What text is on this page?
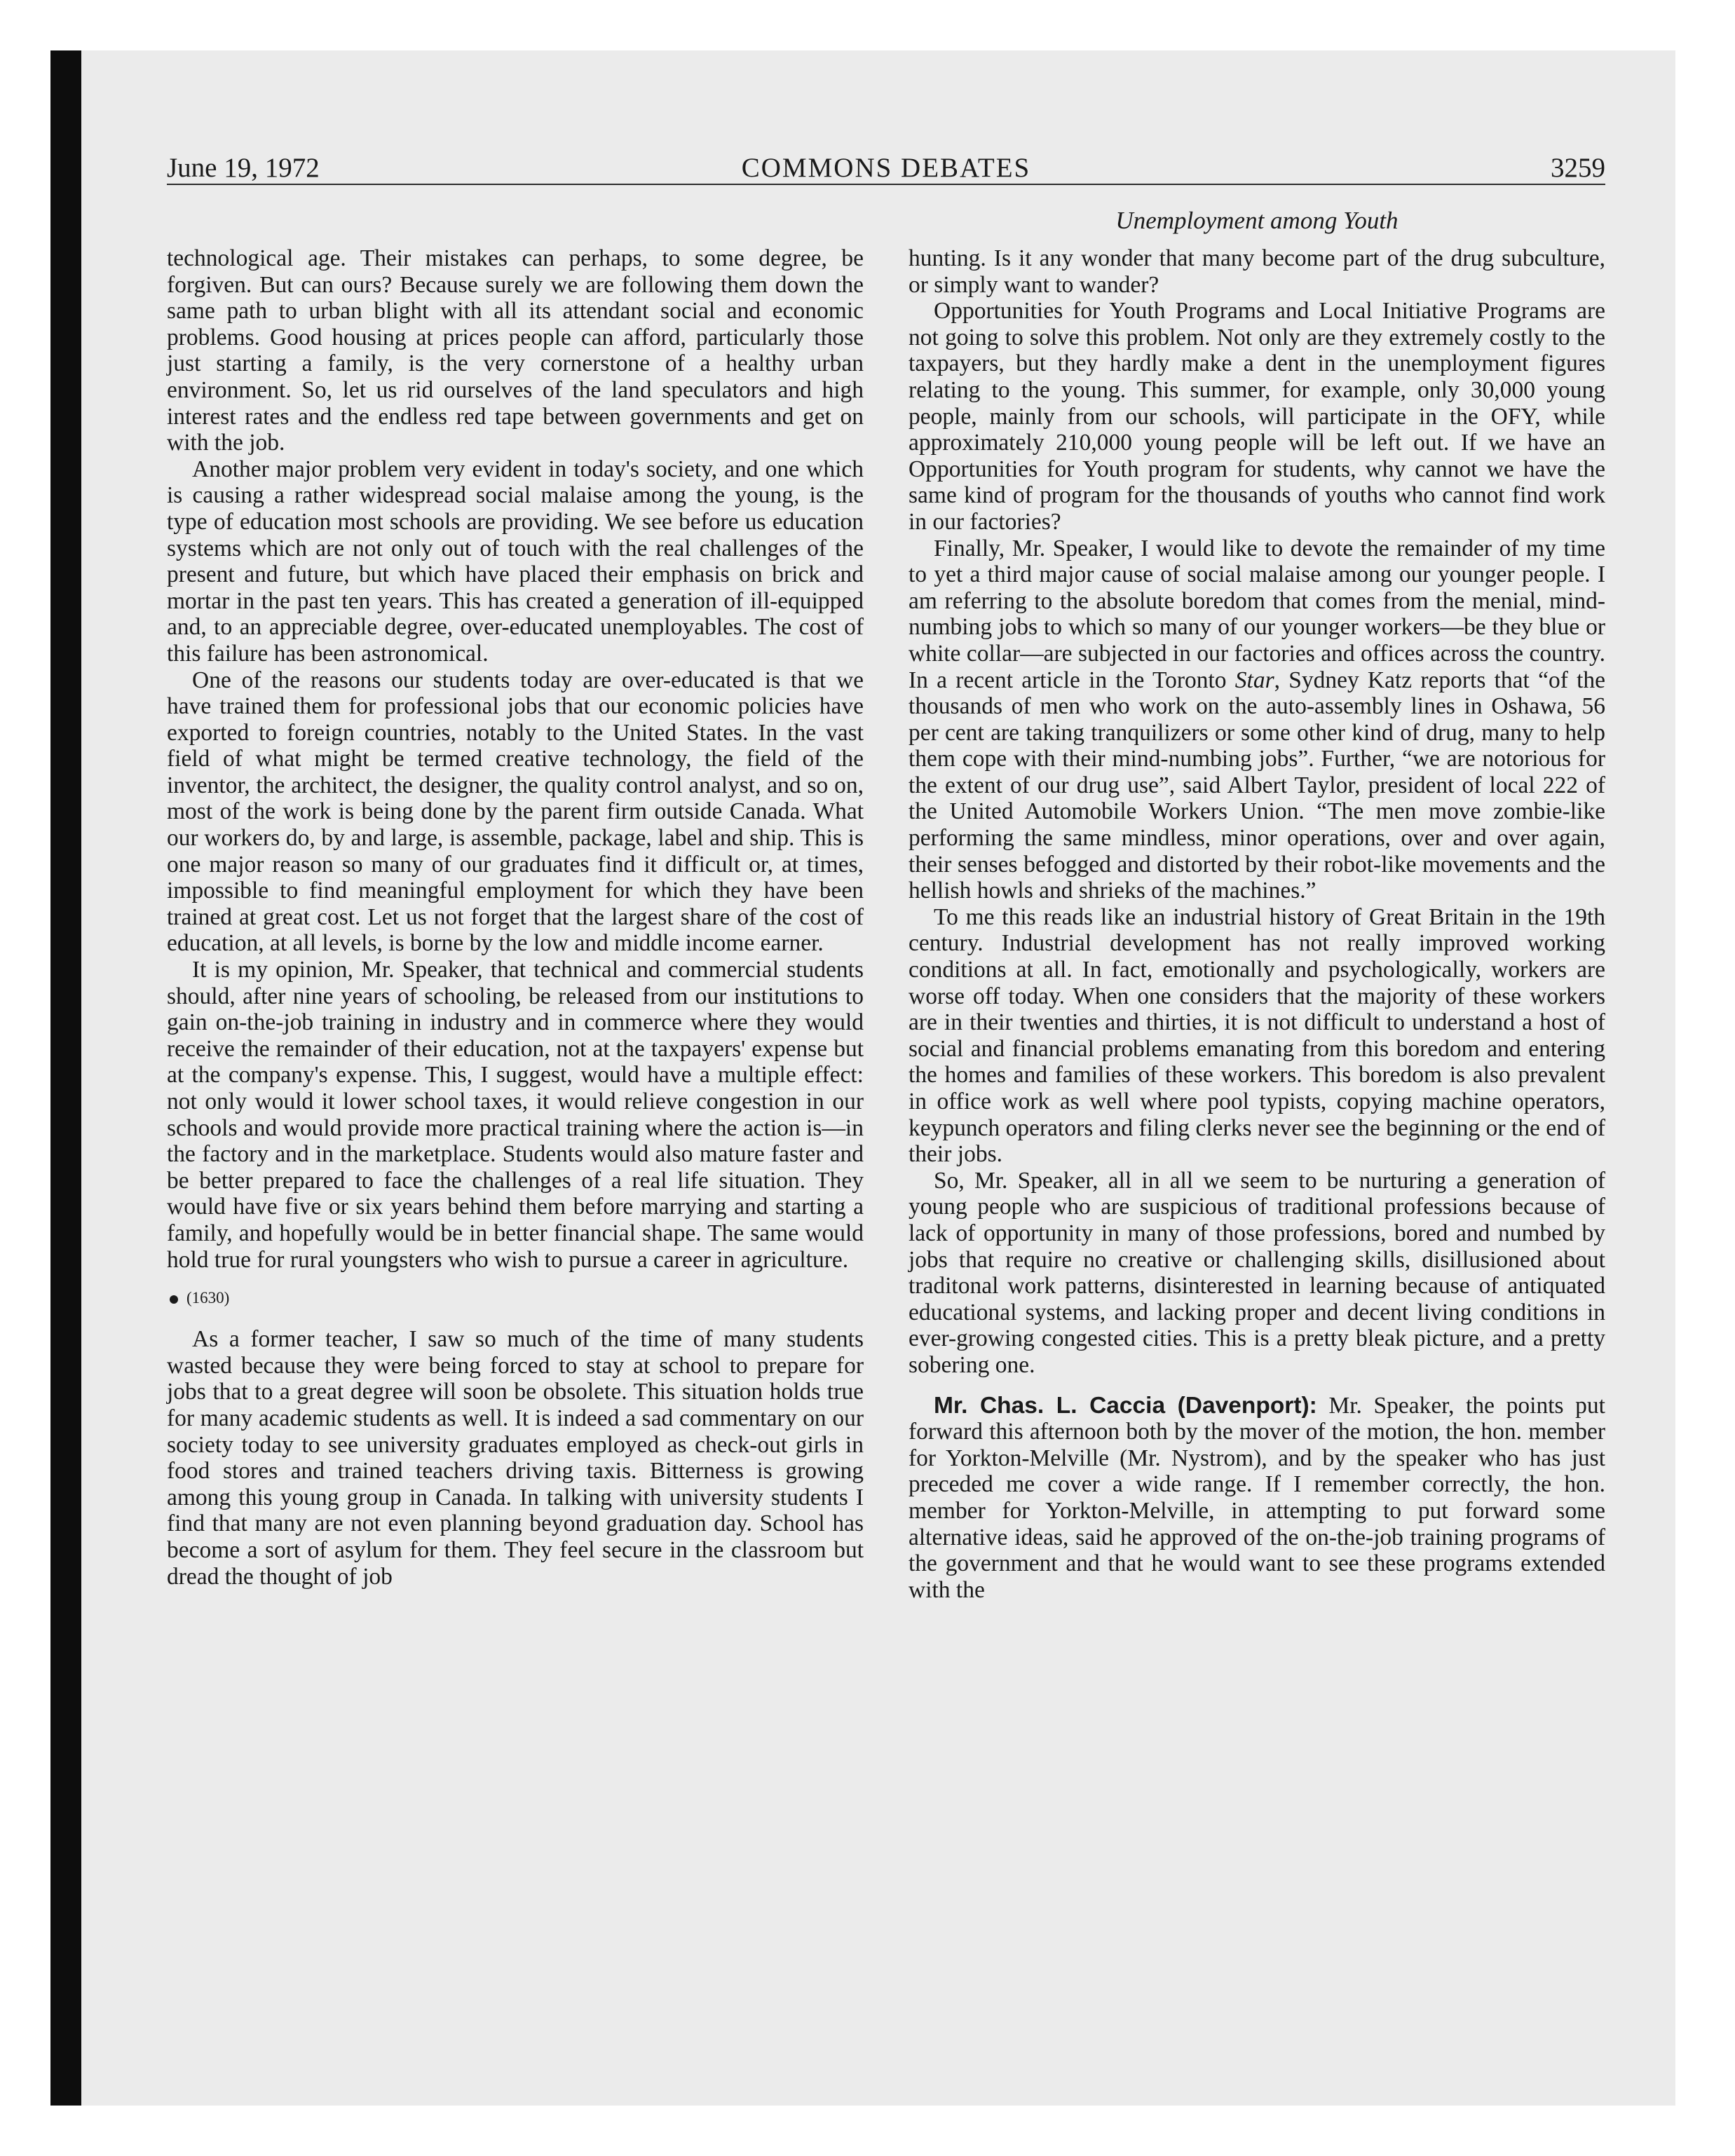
June 19, 1972	COMMONS DEBATES	3259
Unemployment among Youth

technological age. Their mistakes can perhaps, to some degree, be forgiven. But can ours? Because surely we are following them down the same path to urban blight with all its attendant social and economic problems. Good housing at prices people can afford, particularly those just starting a family, is the very cornerstone of a healthy urban environment. So, let us rid ourselves of the land speculators and high interest rates and the endless red tape between governments and get on with the job.

Another major problem very evident in today's society, and one which is causing a rather widespread social malaise among the young, is the type of education most schools are providing. We see before us education systems which are not only out of touch with the real challenges of the present and future, but which have placed their emphasis on brick and mortar in the past ten years. This has created a generation of ill-equipped and, to an appreciable degree, over-educated unemployables. The cost of this failure has been astronomical.

One of the reasons our students today are over-educated is that we have trained them for professional jobs that our economic policies have exported to foreign countries, notably to the United States. In the vast field of what might be termed creative technology, the field of the inventor, the architect, the designer, the quality control analyst, and so on, most of the work is being done by the parent firm outside Canada. What our workers do, by and large, is assemble, package, label and ship. This is one major reason so many of our graduates find it difficult or, at times, impossible to find meaningful employment for which they have been trained at great cost. Let us not forget that the largest share of the cost of education, at all levels, is borne by the low and middle income earner.

It is my opinion, Mr. Speaker, that technical and commercial students should, after nine years of schooling, be released from our institutions to gain on-the-job training in industry and in commerce where they would receive the remainder of their education, not at the taxpayers' expense but at the company's expense. This, I suggest, would have a multiple effect: not only would it lower school taxes, it would relieve congestion in our schools and would provide more practical training where the action is—in the factory and in the marketplace. Students would also mature faster and be better prepared to face the challenges of a real life situation. They would have five or six years behind them before marrying and starting a family, and hopefully would be in better financial shape. The same would hold true for rural youngsters who wish to pursue a career in agriculture.

(1630)

As a former teacher, I saw so much of the time of many students wasted because they were being forced to stay at school to prepare for jobs that to a great degree will soon be obsolete. This situation holds true for many academic students as well. It is indeed a sad commentary on our society today to see university graduates employed as check-out girls in food stores and trained teachers driving taxis. Bitterness is growing among this young group in Canada. In talking with university students I find that many are not even planning beyond graduation day. School has become a sort of asylum for them. They feel secure in the classroom but dread the thought of job

hunting. Is it any wonder that many become part of the drug subculture, or simply want to wander?

Opportunities for Youth Programs and Local Initiative Programs are not going to solve this problem. Not only are they extremely costly to the taxpayers, but they hardly make a dent in the unemployment figures relating to the young. This summer, for example, only 30,000 young people, mainly from our schools, will participate in the OFY, while approximately 210,000 young people will be left out. If we have an Opportunities for Youth program for students, why cannot we have the same kind of program for the thousands of youths who cannot find work in our factories?

Finally, Mr. Speaker, I would like to devote the remainder of my time to yet a third major cause of social malaise among our younger people. I am referring to the absolute boredom that comes from the menial, mind-numbing jobs to which so many of our younger workers—be they blue or white collar—are subjected in our factories and offices across the country. In a recent article in the Toronto Star, Sydney Katz reports that “of the thousands of men who work on the auto-assembly lines in Oshawa, 56 per cent are taking tranquilizers or some other kind of drug, many to help them cope with their mind-numbing jobs”. Further, “we are notorious for the extent of our drug use”, said Albert Taylor, president of local 222 of the United Automobile Workers Union. “The men move zombie-like performing the same mindless, minor operations, over and over again, their senses befogged and distorted by their robot-like movements and the hellish howls and shrieks of the machines.”

To me this reads like an industrial history of Great Britain in the 19th century. Industrial development has not really improved working conditions at all. In fact, emotionally and psychologically, workers are worse off today. When one considers that the majority of these workers are in their twenties and thirties, it is not difficult to understand a host of social and financial problems emanating from this boredom and entering the homes and families of these workers. This boredom is also prevalent in office work as well where pool typists, copying machine operators, keypunch operators and filing clerks never see the beginning or the end of their jobs.

So, Mr. Speaker, all in all we seem to be nurturing a generation of young people who are suspicious of traditional professions because of lack of opportunity in many of those professions, bored and numbed by jobs that require no creative or challenging skills, disillusioned about traditonal work patterns, disinterested in learning because of antiquated educational systems, and lacking proper and decent living conditions in ever-growing congested cities. This is a pretty bleak picture, and a pretty sobering one.

Mr. Chas. L. Caccia (Davenport): Mr. Speaker, the points put forward this afternoon both by the mover of the motion, the hon. member for Yorkton-Melville (Mr. Nystrom), and by the speaker who has just preceded me cover a wide range. If I remember correctly, the hon. member for Yorkton-Melville, in attempting to put forward some alternative ideas, said he approved of the on-the-job training programs of the government and that he would want to see these programs extended with the
